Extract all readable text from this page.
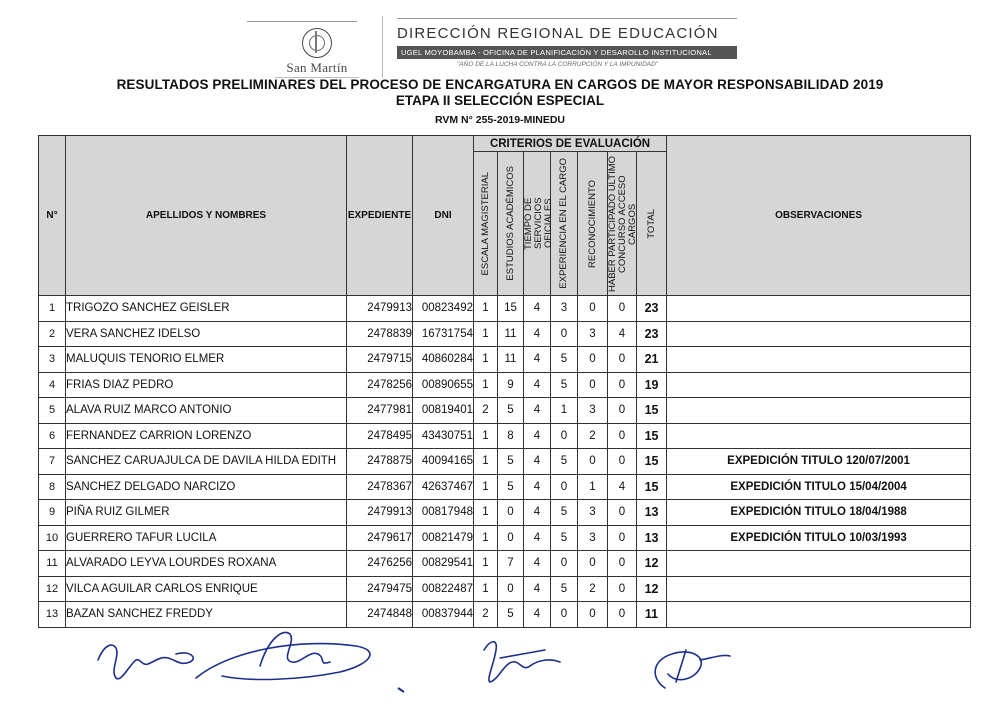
San Martín
DIRECCIÓN REGIONAL DE EDUCACIÓN
UGEL MOYOBAMBA - OFICINA DE PLANIFICACIÓN Y DESAROLLO INSTITUCIONAL
"AÑO DE LA LUCHA CONTRA LA CORRUPCIÓN Y LA IMPUNIDAD"
RESULTADOS PRELIMINARES DEL PROCESO DE ENCARGATURA EN CARGOS DE MAYOR RESPONSABILIDAD 2019
ETAPA II SELECCIÓN ESPECIAL
RVM N° 255-2019-MINEDU
N°	APELLIDOS Y NOMBRES	EXPEDIENTE	DNI	CRITERIOS DE EVALUACIÓN							OBSERVACIONES

				ESCALA MAGISTERIAL	ESTUDIOS ACADÉMICOS	TIEMPO DE SERVICIOS OFICIALES	EXPERIENCIA EN EL CARGO	RECONOCIMIENTO	HABER PARTICIPADO ÚLTIMO CONCURSO ACCESO CARGOS	TOTAL	

1	TRIGOZO SANCHEZ GEISLER	2479913	00823492	1	15	4	3	0	0	23	
2	VERA SANCHEZ IDELSO	2478839	16731754	1	11	4	0	3	4	23	
3	MALUQUIS TENORIO ELMER	2479715	40860284	1	11	4	5	0	0	21	
4	FRIAS DIAZ PEDRO	2478256	00890655	1	9	4	5	0	0	19	
5	ALAVA RUIZ MARCO ANTONIO	2477981	00819401	2	5	4	1	3	0	15	
6	FERNANDEZ CARRION LORENZO	2478495	43430751	1	8	4	0	2	0	15	
7	SANCHEZ CARUAJULCA DE DAVILA HILDA EDITH	2478875	40094165	1	5	4	5	0	0	15	EXPEDICIÓN TITULO 120/07/2001
8	SANCHEZ DELGADO NARCIZO	2478367	42637467	1	5	4	0	1	4	15	EXPEDICIÓN TITULO 15/04/2004
9	PIÑA RUIZ GILMER	2479913	00817948	1	0	4	5	3	0	13	EXPEDICIÓN TITULO 18/04/1988
10	GUERRERO TAFUR LUCILA	2479617	00821479	1	0	4	5	3	0	13	EXPEDICIÓN TITULO 10/03/1993
11	ALVARADO LEYVA LOURDES ROXANA	2476256	00829541	1	7	4	0	0	0	12	
12	VILCA AGUILAR CARLOS ENRIQUE	2479475	00822487	1	0	4	5	2	0	12	
13	BAZAN SANCHEZ FREDDY	2474848	00837944	2	5	4	0	0	0	11	
